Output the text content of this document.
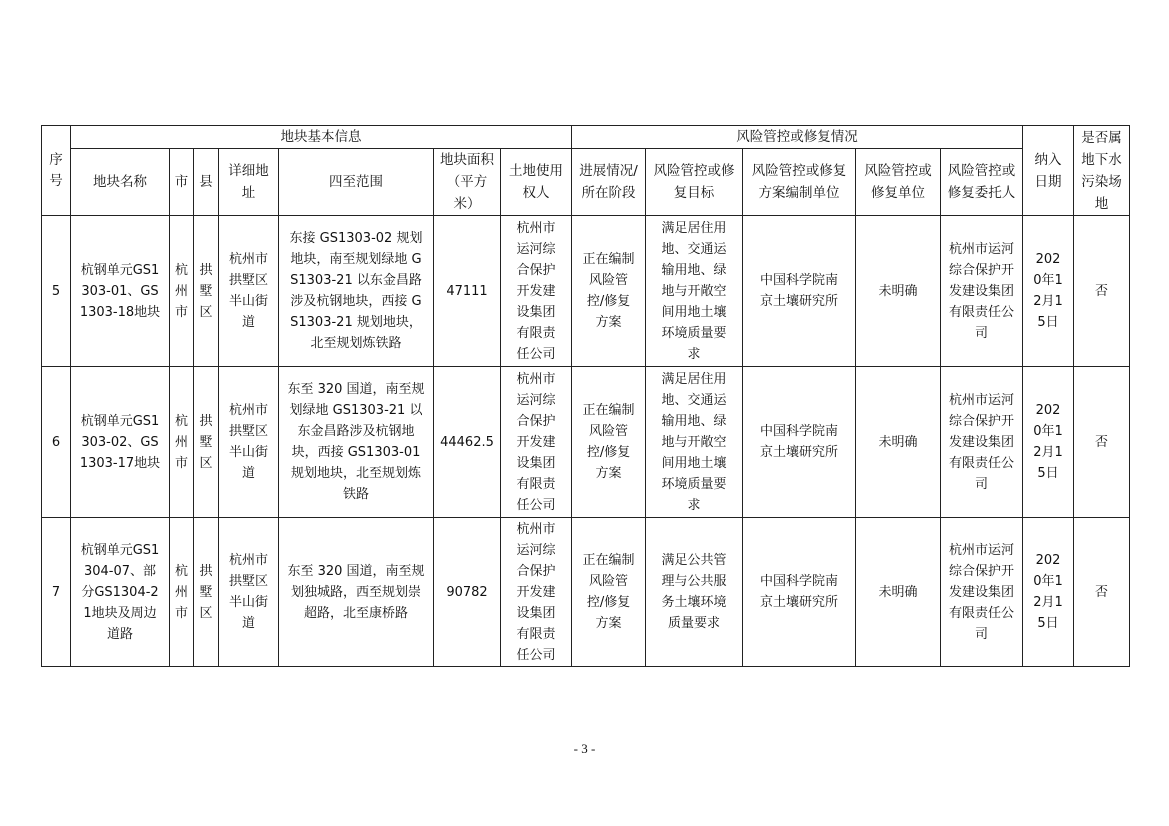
序号	地块基本信息							风险管控或修复情况					纳入日期	是否属地下水污染场地
	地块名称	市	县	详细地址	四至范围	地块面积（平方米）	土地使用权人	进展情况/所在阶段	风险管控或修复目标	风险管控或修复方案编制单位	风险管控或修复单位	风险管控或修复委托人		
5	杭钢单元GS1303-01、GS1303-18地块	杭州市	拱墅区	杭州市拱墅区半山街道	东接 GS1303-02 规划地块，南至规划绿地 GS1303-21 以东金昌路涉及杭钢地块，西接 GS1303-21 规划地块，北至规划炼铁路	47111	杭州市运河综合保护开发建设集团有限责任公司	正在编制风险管控/修复方案	满足居住用地、交通运输用地、绿地与开敞空间用地土壤环境质量要求	中国科学院南京土壤研究所	未明确	杭州市运河综合保护开发建设集团有限责任公司	2020年12月15日	否
6	杭钢单元GS1303-02、GS1303-17地块	杭州市	拱墅区	杭州市拱墅区半山街道	东至 320 国道，南至规划绿地 GS1303-21 以东金昌路涉及杭钢地块，西接 GS1303-01 规划地块，北至规划炼铁路	44462.5	杭州市运河综合保护开发建设集团有限责任公司	正在编制风险管控/修复方案	满足居住用地、交通运输用地、绿地与开敞空间用地土壤环境质量要求	中国科学院南京土壤研究所	未明确	杭州市运河综合保护开发建设集团有限责任公司	2020年12月15日	否
7	杭钢单元GS1304-07、部分GS1304-21地块及周边道路	杭州市	拱墅区	杭州市拱墅区半山街道	东至 320 国道，南至规划独城路，西至规划崇超路，北至康桥路	90782	杭州市运河综合保护开发建设集团有限责任公司	正在编制风险管控/修复方案	满足公共管理与公共服务土壤环境质量要求	中国科学院南京土壤研究所	未明确	杭州市运河综合保护开发建设集团有限责任公司	2020年12月15日	否
- 3 -
